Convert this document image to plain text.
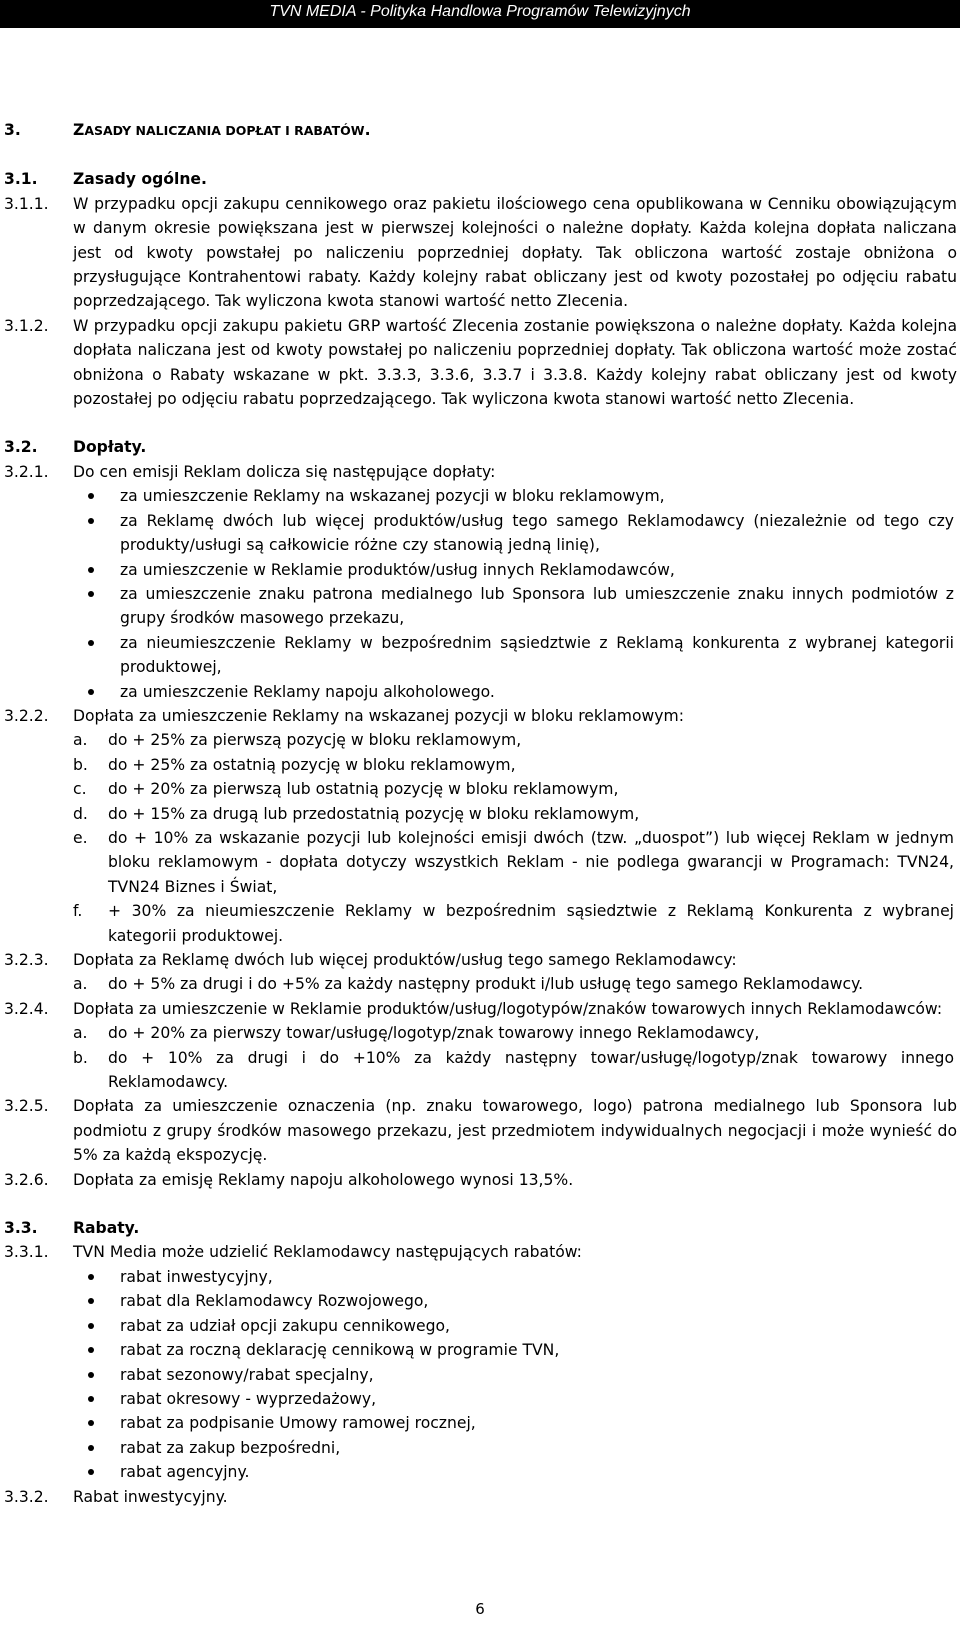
TVN MEDIA - Polityka Handlowa Programów Telewizyjnych
3.	ZASADY NALICZANIA DOPŁAT I RABATÓW.
3.1. Zasady ogólne.
3.1.1. W przypadku opcji zakupu cennikowego oraz pakietu ilościowego cena opublikowana w Cenniku obowiązującym w danym okresie powiększana jest w pierwszej kolejności o należne dopłaty. Każda kolejna dopłata naliczana jest od kwoty powstałej po naliczeniu poprzedniej dopłaty. Tak obliczona wartość zostaje obniżona o przysługujące Kontrahentowi rabaty. Każdy kolejny rabat obliczany jest od kwoty pozostałej po odjęciu rabatu poprzedzającego. Tak wyliczona kwota stanowi wartość netto Zlecenia.
3.1.2. W przypadku opcji zakupu pakietu GRP wartość Zlecenia zostanie powiększona o należne dopłaty. Każda kolejna dopłata naliczana jest od kwoty powstałej po naliczeniu poprzedniej dopłaty. Tak obliczona wartość może zostać obniżona o Rabaty wskazane w pkt. 3.3.3, 3.3.6, 3.3.7 i 3.3.8. Każdy kolejny rabat obliczany jest od kwoty pozostałej po odjęciu rabatu poprzedzającego. Tak wyliczona kwota stanowi wartość netto Zlecenia.
3.2. Dopłaty.
3.2.1. Do cen emisji Reklam dolicza się następujące dopłaty:
za umieszczenie Reklamy na wskazanej pozycji w bloku reklamowym,
za Reklamę dwóch lub więcej produktów/usług tego samego Reklamodawcy (niezależnie od tego czy produkty/usługi są całkowicie różne czy stanowią jedną linię),
za umieszczenie w Reklamie produktów/usług innych Reklamodawców,
za umieszczenie znaku patrona medialnego lub Sponsora lub umieszczenie znaku innych podmiotów z grupy środków masowego przekazu,
za nieumieszczenie Reklamy w bezpośrednim sąsiedztwie z Reklamą konkurenta z wybranej kategorii produktowej,
za umieszczenie Reklamy napoju alkoholowego.
3.2.2. Dopłata za umieszczenie Reklamy na wskazanej pozycji w bloku reklamowym:
a. do + 25% za pierwszą pozycję w bloku reklamowym,
b. do + 25% za ostatnią pozycję w bloku reklamowym,
c. do + 20% za pierwszą lub ostatnią pozycję w bloku reklamowym,
d. do + 15% za drugą lub przedostatnią pozycję w bloku reklamowym,
e. do + 10% za wskazanie pozycji lub kolejności emisji dwóch (tzw. „duospot”) lub więcej Reklam w jednym bloku reklamowym - dopłata dotyczy wszystkich Reklam - nie podlega gwarancji w Programach: TVN24, TVN24 Biznes i Świat,
f. + 30% za nieumieszczenie Reklamy w bezpośrednim sąsiedztwie z Reklamą Konkurenta z wybranej kategorii produktowej.
3.2.3. Dopłata za Reklamę dwóch lub więcej produktów/usług tego samego Reklamodawcy:
a. do + 5% za drugi i do +5% za każdy następny produkt i/lub usługę tego samego Reklamodawcy.
3.2.4. Dopłata za umieszczenie w Reklamie produktów/usług/logotypów/znaków towarowych innych Reklamodawców:
a. do + 20% za pierwszy towar/usługę/logotyp/znak towarowy innego Reklamodawcy,
b. do + 10% za drugi i do +10% za każdy następny towar/usługę/logotyp/znak towarowy innego Reklamodawcy.
3.2.5. Dopłata za umieszczenie oznaczenia (np. znaku towarowego, logo) patrona medialnego lub Sponsora lub podmiotu z grupy środków masowego przekazu, jest przedmiotem indywidualnych negocjacji i może wynieść do 5% za każdą ekspozycję.
3.2.6. Dopłata za emisję Reklamy napoju alkoholowego wynosi 13,5%.
3.3. Rabaty.
3.3.1. TVN Media może udzielić Reklamodawcy następujących rabatów:
rabat inwestycyjny,
rabat dla Reklamodawcy Rozwojowego,
rabat za udział opcji zakupu cennikowego,
rabat za roczną deklarację cennikową w programie TVN,
rabat sezonowy/rabat specjalny,
rabat okresowy - wyprzedażowy,
rabat za podpisanie Umowy ramowej rocznej,
rabat za zakup bezpośredni,
rabat agencyjny.
3.3.2. Rabat inwestycyjny.
6
